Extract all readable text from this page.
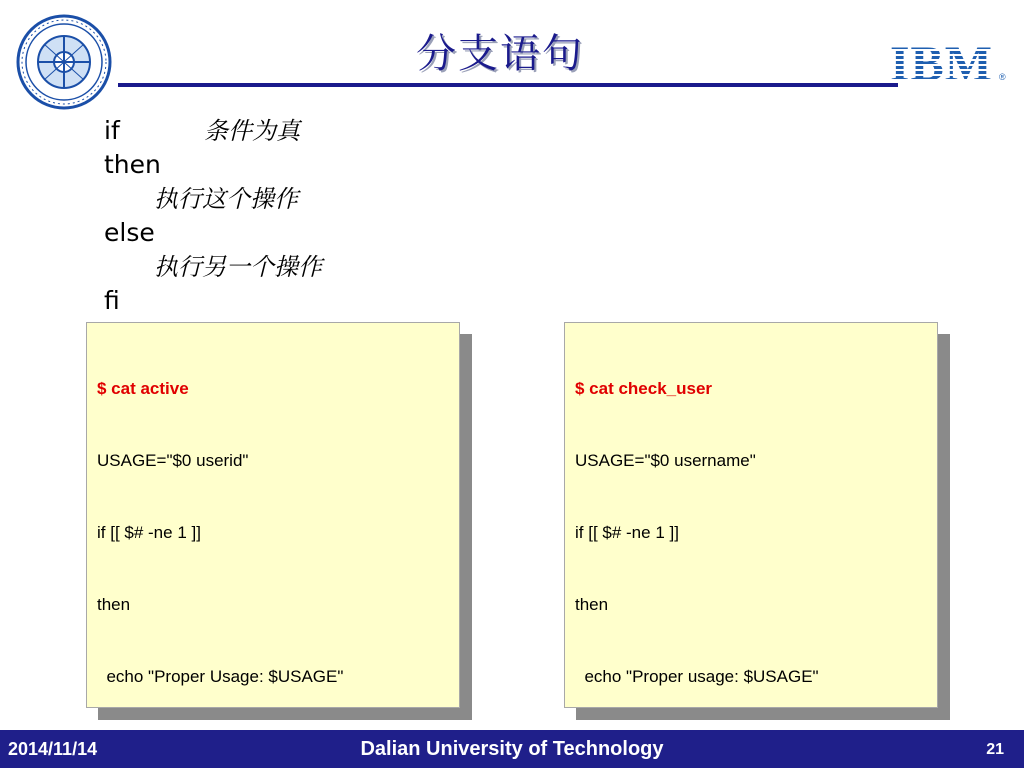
分支语句	IBM ®
if	条件为真
then
执行这个操作
else
执行另一个操作
fi

$ cat active

USAGE="$0 userid"

if [[ $# -ne 1 ]]

then

echo "Proper Usage: $USAGE"

$ cat check_user

USAGE="$0 username"

if [[ $# -ne 1 ]]

then

echo "Proper usage: $USAGE"

2014/11/14	Dalian University of Technology	21
